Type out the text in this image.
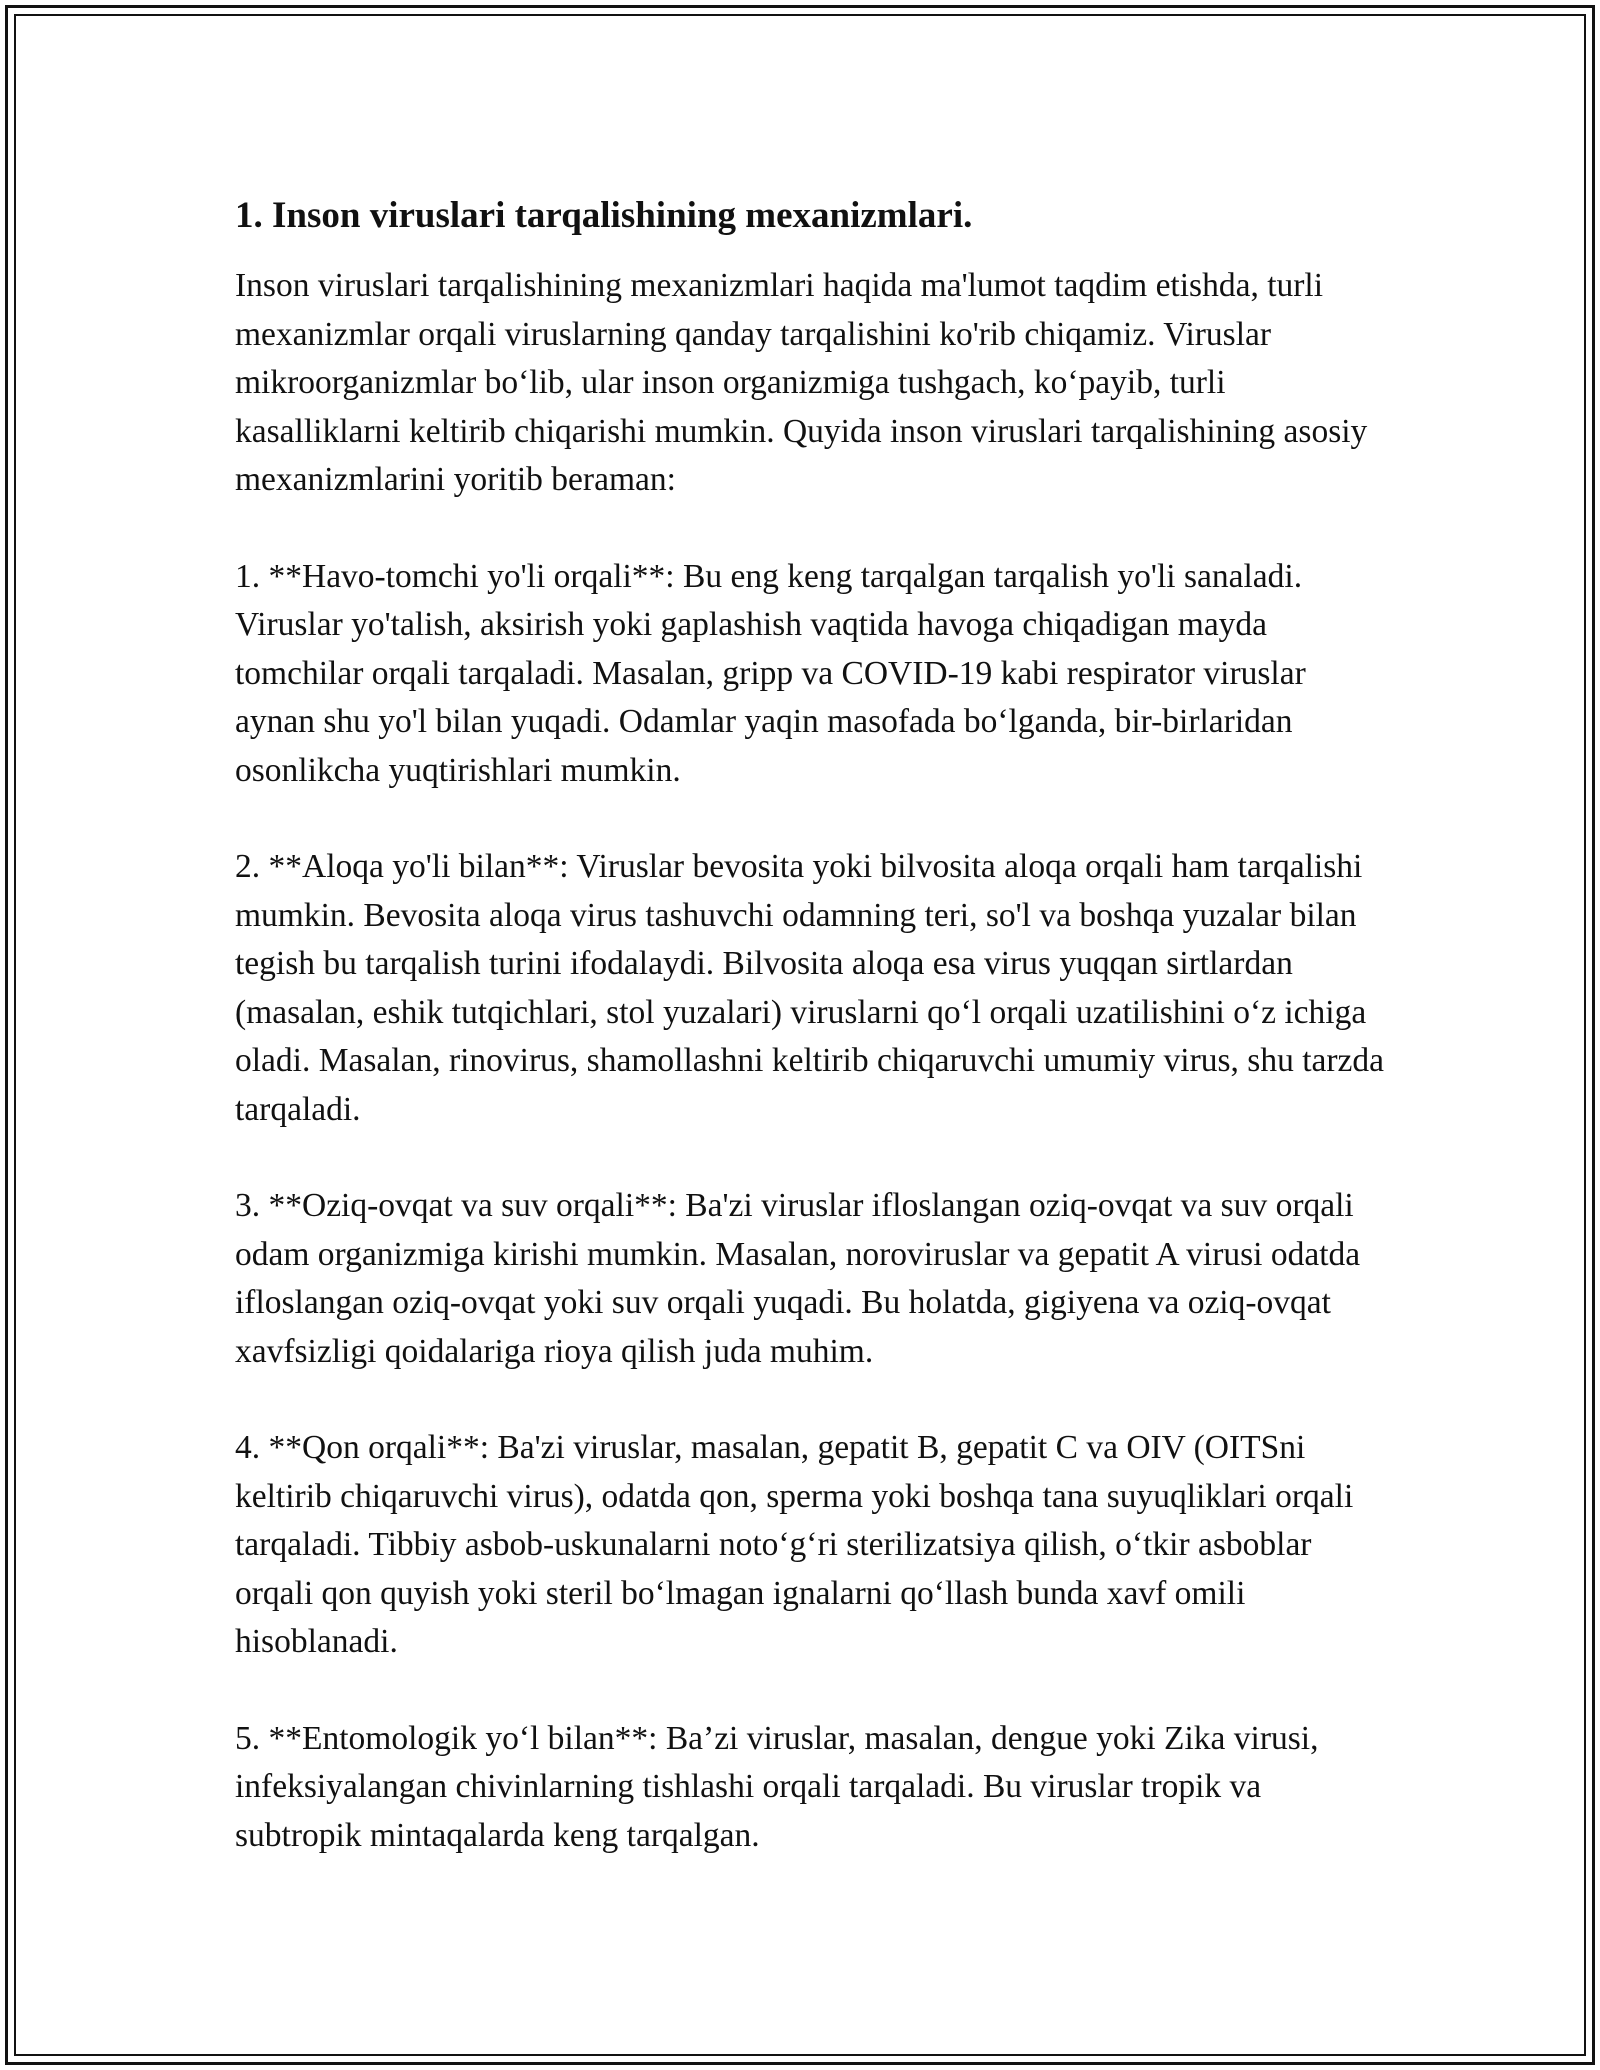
1. Inson viruslari tarqalishining mexanizmlari.

Inson viruslari tarqalishining mexanizmlari haqida ma'lumot taqdim etishda, turli mexanizmlar orqali viruslarning qanday tarqalishini ko'rib chiqamiz. Viruslar mikroorganizmlar bo‘lib, ular inson organizmiga tushgach, ko‘payib, turli kasalliklarni keltirib chiqarishi mumkin. Quyida inson viruslari tarqalishining asosiy mexanizmlarini yoritib beraman:

1. **Havo-tomchi yo'li orqali**: Bu eng keng tarqalgan tarqalish yo'li sanaladi. Viruslar yo'talish, aksirish yoki gaplashish vaqtida havoga chiqadigan mayda tomchilar orqali tarqaladi. Masalan, gripp va COVID-19 kabi respirator viruslar aynan shu yo'l bilan yuqadi. Odamlar yaqin masofada bo‘lganda, bir-birlaridan osonlikcha yuqtirishlari mumkin.

2. **Aloqa yo'li bilan**: Viruslar bevosita yoki bilvosita aloqa orqali ham tarqalishi mumkin. Bevosita aloqa virus tashuvchi odamning teri, so'l va boshqa yuzalar bilan tegish bu tarqalish turini ifodalaydi. Bilvosita aloqa esa virus yuqqan sirtlardan (masalan, eshik tutqichlari, stol yuzalari) viruslarni qo‘l orqali uzatilishini o‘z ichiga oladi. Masalan, rinovirus, shamollashni keltirib chiqaruvchi umumiy virus, shu tarzda tarqaladi.

3. **Oziq-ovqat va suv orqali**: Ba'zi viruslar ifloslangan oziq-ovqat va suv orqali odam organizmiga kirishi mumkin. Masalan, noroviruslar va gepatit A virusi odatda ifloslangan oziq-ovqat yoki suv orqali yuqadi. Bu holatda, gigiyena va oziq-ovqat xavfsizligi qoidalariga rioya qilish juda muhim.

4. **Qon orqali**: Ba'zi viruslar, masalan, gepatit B, gepatit C va OIV (OITSni keltirib chiqaruvchi virus), odatda qon, sperma yoki boshqa tana suyuqliklari orqali tarqaladi. Tibbiy asbob-uskunalarni noto‘g‘ri sterilizatsiya qilish, o‘tkir asboblar orqali qon quyish yoki steril bo‘lmagan ignalarni qo‘llash bunda xavf omili hisoblanadi.

5. **Entomologik yo‘l bilan**: Ba’zi viruslar, masalan, dengue yoki Zika virusi, infeksiyalangan chivinlarning tishlashi orqali tarqaladi. Bu viruslar tropik va subtropik mintaqalarda keng tarqalgan.
